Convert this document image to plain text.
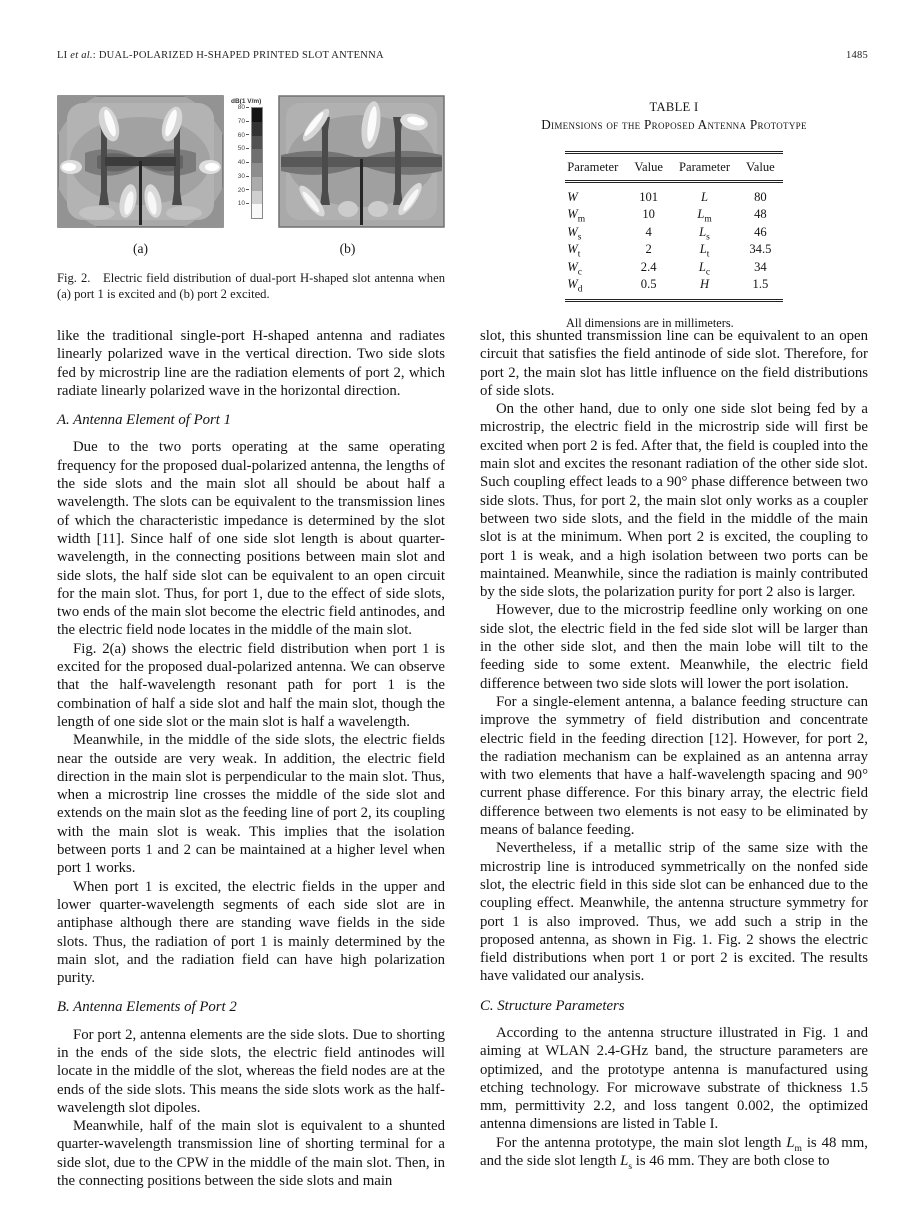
LI et al.: DUAL-POLARIZED H-SHAPED PRINTED SLOT ANTENNA	1485
dB(1 V/m)
80
70
60
50
40
30
20
10
(a)	(b)
Fig. 2.  Electric field distribution of dual-port H-shaped slot antenna when (a) port 1 is excited and (b) port 2 excited.
TABLE I
Dimensions of the Proposed Antenna Prototype
Parameter	Value	Parameter	Value
W	101	L	80
$W_m$	10	$L_m$	48
$W_s$	4	$L_s$	46
$W_t$	2	$L_t$	34.5
$W_c$	2.4	$L_c$	34
$W_d$	0.5	H	1.5
All dimensions are in millimeters.

like the traditional single-port H-shaped antenna and radiates linearly polarized wave in the vertical direction. Two side slots fed by microstrip line are the radiation elements of port 2, which radiate linearly polarized wave in the horizontal direction.

A. Antenna Element of Port 1

Due to the two ports operating at the same operating frequency for the proposed dual-polarized antenna, the lengths of the side slots and the main slot all should be about half a wavelength. The slots can be equivalent to the transmission lines of which the characteristic impedance is determined by the slot width [11]. Since half of one side slot length is about quarter-wavelength, in the connecting positions between main slot and side slots, the half side slot can be equivalent to an open circuit for the main slot. Thus, for port 1, due to the effect of side slots, two ends of the main slot become the electric field antinodes, and the electric field node locates in the middle of the main slot.

Fig. 2(a) shows the electric field distribution when port 1 is excited for the proposed dual-polarized antenna. We can observe that the half-wavelength resonant path for port 1 is the combination of half a side slot and half the main slot, though the length of one side slot or the main slot is half a wavelength.

Meanwhile, in the middle of the side slots, the electric fields near the outside are very weak. In addition, the electric field direction in the main slot is perpendicular to the main slot. Thus, when a microstrip line crosses the middle of the side slot and extends on the main slot as the feeding line of port 2, its coupling with the main slot is weak. This implies that the isolation between ports 1 and 2 can be maintained at a higher level when port 1 works.

When port 1 is excited, the electric fields in the upper and lower quarter-wavelength segments of each side slot are in antiphase although there are standing wave fields in the side slots. Thus, the radiation of port 1 is mainly determined by the main slot, and the radiation field can have high polarization purity.

B. Antenna Elements of Port 2

For port 2, antenna elements are the side slots. Due to shorting in the ends of the side slots, the electric field antinodes will locate in the middle of the slot, whereas the field nodes are at the ends of the side slots. This means the side slots work as the half-wavelength slot dipoles.

Meanwhile, half of the main slot is equivalent to a shunted quarter-wavelength transmission line of shorting terminal for a side slot, due to the CPW in the middle of the main slot. Then, in the connecting positions between the side slots and main

slot, this shunted transmission line can be equivalent to an open circuit that satisfies the field antinode of side slot. Therefore, for port 2, the main slot has little influence on the field distributions of side slots.

On the other hand, due to only one side slot being fed by a microstrip, the electric field in the microstrip side will first be excited when port 2 is fed. After that, the field is coupled into the main slot and excites the resonant radiation of the other side slot. Such coupling effect leads to a 90° phase difference between two side slots. Thus, for port 2, the main slot only works as a coupler between two side slots, and the field in the middle of the main slot is at the minimum. When port 2 is excited, the coupling to port 1 is weak, and a high isolation between two ports can be maintained. Meanwhile, since the radiation is mainly contributed by the side slots, the polarization purity for port 2 also is larger.

However, due to the microstrip feedline only working on one side slot, the electric field in the fed side slot will be larger than in the other side slot, and then the main lobe will tilt to the feeding side to some extent. Meanwhile, the electric field difference between two side slots will lower the port isolation.

For a single-element antenna, a balance feeding structure can improve the symmetry of field distribution and concentrate electric field in the feeding direction [12]. However, for port 2, the radiation mechanism can be explained as an antenna array with two elements that have a half-wavelength spacing and 90° current phase difference. For this binary array, the electric field difference between two elements is not easy to be eliminated by means of balance feeding.

Nevertheless, if a metallic strip of the same size with the microstrip line is introduced symmetrically on the nonfed side slot, the electric field in this side slot can be enhanced due to the coupling effect. Meanwhile, the antenna structure symmetry for port 1 is also improved. Thus, we add such a strip in the proposed antenna, as shown in Fig. 1. Fig. 2 shows the electric field distributions when port 1 or port 2 is excited. The results have validated our analysis.

C. Structure Parameters

According to the antenna structure illustrated in Fig. 1 and aiming at WLAN 2.4-GHz band, the structure parameters are optimized, and the prototype antenna is manufactured using etching technology. For microwave substrate of thickness 1.5 mm, permittivity 2.2, and loss tangent 0.002, the optimized antenna dimensions are listed in Table I.

For the antenna prototype, the main slot length $L_m$ is 48 mm, and the side slot length $L_s$ is 46 mm. They are both close to
